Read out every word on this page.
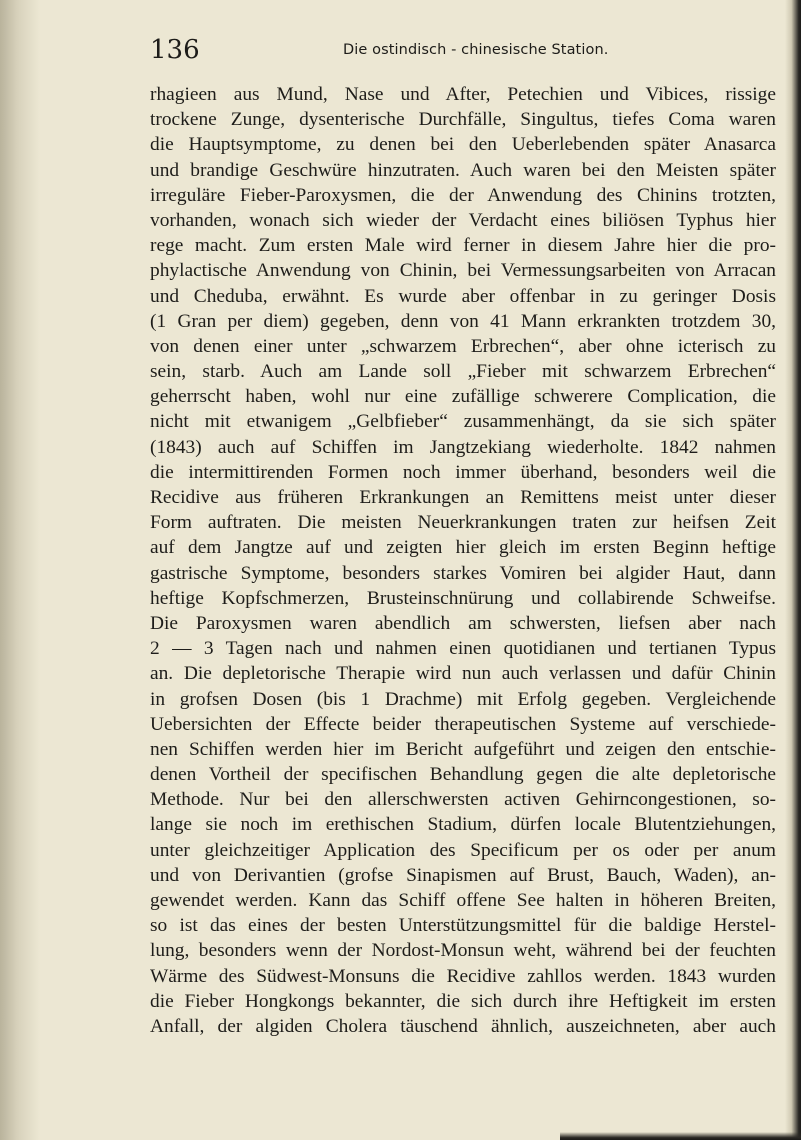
136	Die ostindisch - chinesische Station.
rhagieen aus Mund, Nase und After, Petechien und Vibices, rissige
trockene Zunge, dysenterische Durchfälle, Singultus, tiefes Coma waren
die Hauptsymptome, zu denen bei den Ueberlebenden später Anasarca
und brandige Geschwüre hinzutraten. Auch waren bei den Meisten später
irreguläre Fieber-Paroxysmen, die der Anwendung des Chinins trotzten,
vorhanden, wonach sich wieder der Verdacht eines biliösen Typhus hier
rege macht. Zum ersten Male wird ferner in diesem Jahre hier die pro-
phylactische Anwendung von Chinin, bei Vermessungsarbeiten von Arracan
und Cheduba, erwähnt. Es wurde aber offenbar in zu geringer Dosis
(1 Gran per diem) gegeben, denn von 41 Mann erkrankten trotzdem 30,
von denen einer unter „schwarzem Erbrechen“, aber ohne icterisch zu
sein, starb. Auch am Lande soll „Fieber mit schwarzem Erbrechen“
geherrscht haben, wohl nur eine zufällige schwerere Complication, die
nicht mit etwanigem „Gelbfieber“ zusammenhängt, da sie sich später
(1843) auch auf Schiffen im Jangtzekiang wiederholte. 1842 nahmen
die intermittirenden Formen noch immer überhand, besonders weil die
Recidive aus früheren Erkrankungen an Remittens meist unter dieser
Form auftraten. Die meisten Neuerkrankungen traten zur heifsen Zeit
auf dem Jangtze auf und zeigten hier gleich im ersten Beginn heftige
gastrische Symptome, besonders starkes Vomiren bei algider Haut, dann
heftige Kopfschmerzen, Brusteinschnürung und collabirende Schweifse.
Die Paroxysmen waren abendlich am schwersten, liefsen aber nach
2 — 3 Tagen nach und nahmen einen quotidianen und tertianen Typus
an. Die depletorische Therapie wird nun auch verlassen und dafür Chinin
in grofsen Dosen (bis 1 Drachme) mit Erfolg gegeben. Vergleichende
Uebersichten der Effecte beider therapeutischen Systeme auf verschiede-
nen Schiffen werden hier im Bericht aufgeführt und zeigen den entschie-
denen Vortheil der specifischen Behandlung gegen die alte depletorische
Methode. Nur bei den allerschwersten activen Gehirncongestionen, so-
lange sie noch im erethischen Stadium, dürfen locale Blutentziehungen,
unter gleichzeitiger Application des Specificum per os oder per anum
und von Derivantien (grofse Sinapismen auf Brust, Bauch, Waden), an-
gewendet werden. Kann das Schiff offene See halten in höheren Breiten,
so ist das eines der besten Unterstützungsmittel für die baldige Herstel-
lung, besonders wenn der Nordost-Monsun weht, während bei der feuchten
Wärme des Südwest-Monsuns die Recidive zahllos werden. 1843 wurden
die Fieber Hongkongs bekannter, die sich durch ihre Heftigkeit im ersten
Anfall, der algiden Cholera täuschend ähnlich, auszeichneten, aber auch
